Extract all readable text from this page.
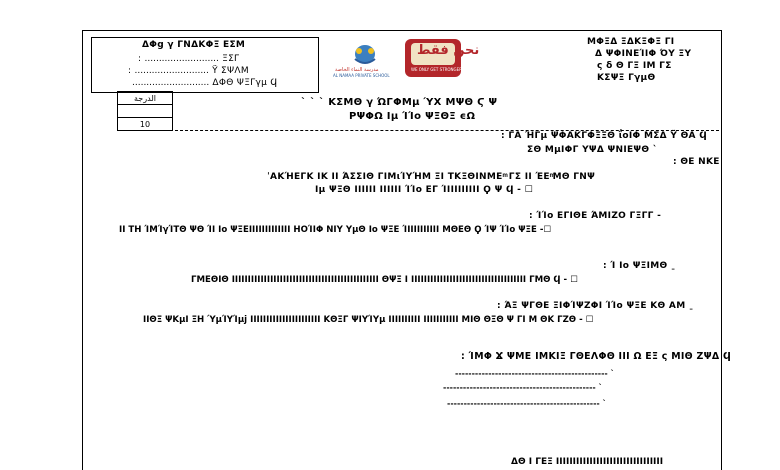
ΔΦg γ ΓΝΔΚΦΞ ΕΣΜ
: .......................... ΞΣΓ
: .......................... Ϋ ΣΨΛΜ
........................... ΔΦΘ ΨΞΓγμ Ϥ
مدرسة النماء الخاصة
AL NAMAA PRIVATE SCHOOL
نحن فقط
WE ONLY GET STRONGER
ΜΦΞΔ ΞΔΚΞΦΞ ΓΙ
Δ ΨΦΙΝΕΊΙΦ ΌΥ ΞΥ
ς δ Θ ΓΞ ΙΜ ΓΣ
ΚΣΨΞ ΓγμΘ
الدرجة

10
ˋ ˋ ˋ ΚΣΜΘ γ ΏΓΦΜμ ΎΧ ΜΨΘ Ϛ Ψ
ΡΨΦΩ Ιμ ΊΊο ΨΞΘΞ ϵΩ
: ΓΑ ΉΓμ ΨΦΑΚΓΦΞΞΘ ΐοΙΦ ΜΣΔ Ϋ ΘΑ Ϥ
ΣΘ ΜμΙΦΓ ΥΨΔ ΨΝΙΕΨΘ ˋ
: ΘΕ ΝΚΕ
ˈΑΚΉΕΓΚ ΙΚ ΙΙ ΆΣΣΙΘ ΓΙΜιΊΥΉΜ ΞΙ ΤΚΞΘΙΝΜΕ ͫ ΓΣ ΙΙ ΈΕ ͫΜΘ ΓΝΨ
Ιμ ΨΞΘ ΙΙΙΙΙΙ ΙΙΙΙΙΙ ΊΊο ΕΓ ΊΙΙΙΙΙΙΙΙΙ Ϙ Ψ Ϥ - ☐
: ΊΊο ΕΓΙΘΕ ΆΜΙΖΟ ΓΞΓΓ -
ΙΙ ΤΗ ΊΜΊγΊΤΘ ΨΘ ΊΙ Ιο ΨΞΕΙΙΙΙΙΙΙΙΙΙΙΙΙ ΗΟΊΙΦ ΝΙΥ ΥμΘ Ιο ΨΞΕ ΊΙΙΙΙΙΙΙΙΙΙ ΜΘΕΘ Ϙ ΊΨ ΊΊο ΨΞΕ -☐
: Ί Ιο ΨΞΙΜΘ ˍ
ΓΜΕΘΙΘ ΙΙΙΙΙΙΙΙΙΙΙΙΙΙΙΙΙΙΙΙΙΙΙΙΙΙΙΙΙΙΙΙΙΙΙΙΙΙΙΙΙΙΙΙΙΙ ΘΨΞ Ι ΙΙΙΙΙΙΙΙΙΙΙΙΙΙΙΙΙΙΙΙΙΙΙΙΙΙΙΙΙΙΙΙΙΙΙΙ ΓΜΘ Ϥ - ☐
: ΆΞ ΨΓΘΕ ΞΙΦΊΨΖΦΙ ΊΊο ΨΞΕ ΚΘ ΑΜ ˍ
ΙΙΘΞ ΨΚμΙ ΞΗ ΎμΊΥΊμϳ ΙΙΙΙΙΙΙΙΙΙΙΙΙΙΙΙΙΙΙΙΙΙ ΚΘΞΓ ΨΙΥΊΥμ ΙΙΙΙΙΙΙΙΙΙ ΙΙΙΙΙΙΙΙΙΙΙ ΜΙΘ ΘΞΘ Ψ ΓΙ Μ ΘΚ ΓΖΘ - ☐
: ΊΜΦ Ϫ ΨΜΕ ΙΜΚΙΞ ΓΘΕΛΦΘ ΙΙΙ Ω ΕΞ ς ΜΙΘ ΖΨΔ Ϥ
---------------------------------------------- ˋ
---------------------------------------------- ˋ
---------------------------------------------- ˋ
ΔΘ Ι ΓΕΞ ΙΙΙΙΙΙΙΙΙΙΙΙΙΙΙΙΙΙΙΙΙΙΙΙΙΙΙΙΙΙΙΙ
